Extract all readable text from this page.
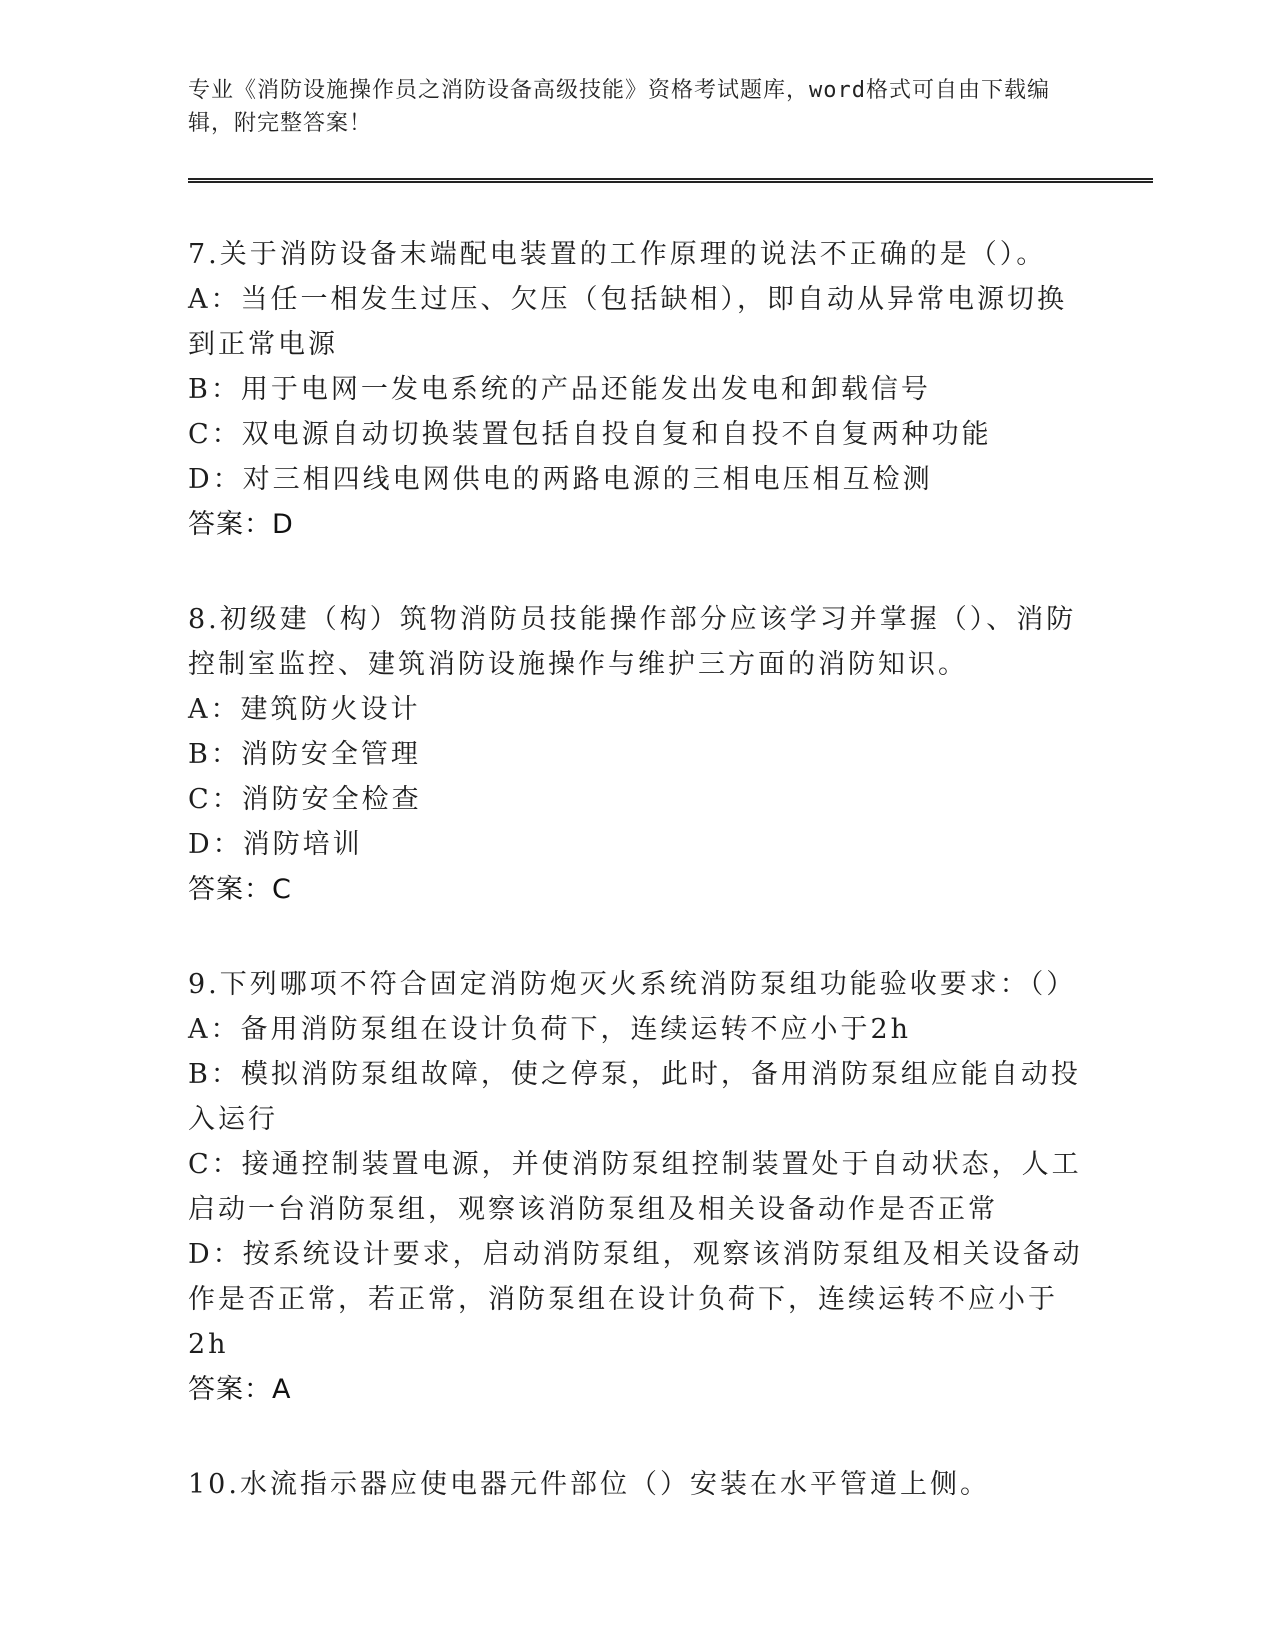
专业《消防设施操作员之消防设备高级技能》资格考试题库，word格式可自由下载编辑，附完整答案！

7.关于消防设备末端配电装置的工作原理的说法不正确的是（）。

A：当任一相发生过压、欠压（包括缺相），即自动从异常电源切换到正常电源

B：用于电网一发电系统的产品还能发出发电和卸载信号

C：双电源自动切换装置包括自投自复和自投不自复两种功能

D：对三相四线电网供电的两路电源的三相电压相互检测

答案：D

8.初级建（构）筑物消防员技能操作部分应该学习并掌握（）、消防控制室监控、建筑消防设施操作与维护三方面的消防知识。

A：建筑防火设计

B：消防安全管理

C：消防安全检查

D：消防培训

答案：C

9.下列哪项不符合固定消防炮灭火系统消防泵组功能验收要求：（）

A：备用消防泵组在设计负荷下，连续运转不应小于2h

B：模拟消防泵组故障，使之停泵，此时，备用消防泵组应能自动投入运行

C：接通控制装置电源，并使消防泵组控制装置处于自动状态，人工启动一台消防泵组，观察该消防泵组及相关设备动作是否正常

D：按系统设计要求，启动消防泵组，观察该消防泵组及相关设备动作是否正常，若正常，消防泵组在设计负荷下，连续运转不应小于2h

答案：A

10.水流指示器应使电器元件部位（）安装在水平管道上侧。
